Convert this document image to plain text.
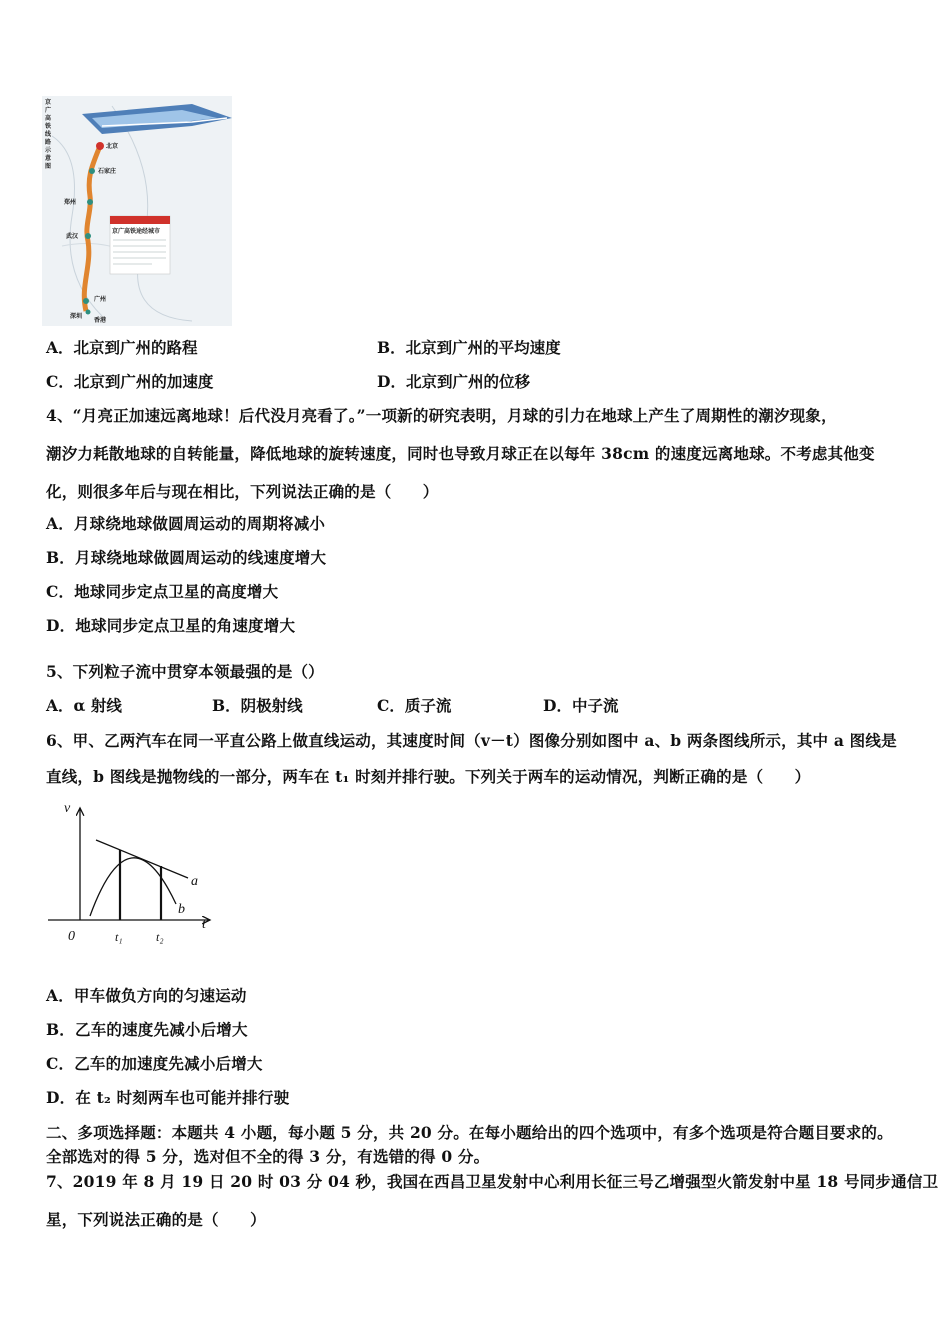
京
广
高
铁
线
路
示
意
图
北京
石家庄
郑州
武汉
广州
深圳
香港
京广高铁途经城市
A．北京到广州的路程	B．北京到广州的平均速度
C．北京到广州的加速度	D．北京到广州的位移
4、“月亮正加速远离地球！后代没月亮看了。”一项新的研究表明，月球的引力在地球上产生了周期性的潮汐现象，
潮汐力耗散地球的自转能量，降低地球的旋转速度，同时也导致月球正在以每年 38cm 的速度远离地球。不考虑其他变
化，则很多年后与现在相比，下列说法正确的是（　　）
A．月球绕地球做圆周运动的周期将减小
B．月球绕地球做圆周运动的线速度增大
C．地球同步定点卫星的高度增大
D．地球同步定点卫星的角速度增大
5、下列粒子流中贯穿本领最强的是（）
A．α 射线	B．阴极射线	C．质子流	D．中子流
6、甲、乙两汽车在同一平直公路上做直线运动，其速度时间（v－t）图像分别如图中 a、b 两条图线所示，其中 a 图线是
直线，b 图线是抛物线的一部分，两车在 t₁ 时刻并排行驶。下列关于两车的运动情况，判断正确的是（　　）
v
t
0
a
b
t₁	t₂
A．甲车做负方向的匀速运动
B．乙车的速度先减小后增大
C．乙车的加速度先减小后增大
D．在 t₂ 时刻两车也可能并排行驶
二、多项选择题：本题共 4 小题，每小题 5 分，共 20 分。在每小题给出的四个选项中，有多个选项是符合题目要求的。
全部选对的得 5 分，选对但不全的得 3 分，有选错的得 0 分。
7、2019 年 8 月 19 日 20 时 03 分 04 秒，我国在西昌卫星发射中心利用长征三号乙增强型火箭发射中星 18 号同步通信卫
星，下列说法正确的是（　　）
